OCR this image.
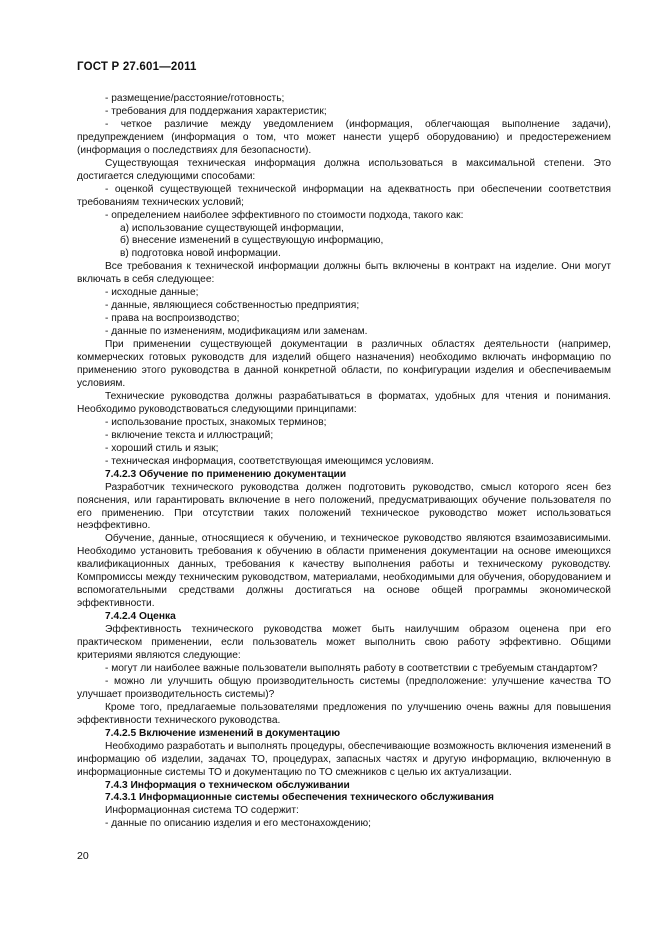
ГОСТ Р 27.601—2011

- размещение/расстояние/готовность;

- требования для поддержания характеристик;

- четкое различие между уведомлением (информация, облегчающая выполнение задачи), предупреждением (информация о том, что может нанести ущерб оборудованию) и предостережением (информация о последствиях для безопасности).

Существующая техническая информация должна использоваться в максимальной степени. Это достигается следующими способами:

- оценкой существующей технической информации на адекватность при обеспечении соответствия требованиям технических условий;

- определением наиболее эффективного по стоимости подхода, такого как:

а) использование существующей информации,

б) внесение изменений в существующую информацию,

в) подготовка новой информации.

Все требования к технической информации должны быть включены в контракт на изделие. Они могут включать в себя следующее:

- исходные данные;

- данные, являющиеся собственностью предприятия;

- права на воспроизводство;

- данные по изменениям, модификациям или заменам.

При применении существующей документации в различных областях деятельности (например, коммерческих готовых руководств для изделий общего назначения) необходимо включать информацию по применению этого руководства в данной конкретной области, по конфигурации изделия и обеспечиваемым условиям.

Технические руководства должны разрабатываться в форматах, удобных для чтения и понимания. Необходимо руководствоваться следующими принципами:

- использование простых, знакомых терминов;

- включение текста и иллюстраций;

- хороший стиль и язык;

- техническая информация, соответствующая имеющимся условиям.

7.4.2.3 Обучение по применению документации

Разработчик технического руководства должен подготовить руководство, смысл которого ясен без пояснения, или гарантировать включение в него положений, предусматривающих обучение пользователя по его применению. При отсутствии таких положений техническое руководство может использоваться неэффективно.

Обучение, данные, относящиеся к обучению, и техническое руководство являются взаимозависимыми. Необходимо установить требования к обучению в области применения документации на основе имеющихся квалификационных данных, требования к качеству выполнения работы и техническому руководству. Компромиссы между техническим руководством, материалами, необходимыми для обучения, оборудованием и вспомогательными средствами должны достигаться на основе общей программы экономической эффективности.

7.4.2.4 Оценка

Эффективность технического руководства может быть наилучшим образом оценена при его практическом применении, если пользователь может выполнить свою работу эффективно. Общими критериями являются следующие:

- могут ли наиболее важные пользователи выполнять работу в соответствии с требуемым стандартом?

- можно ли улучшить общую производительность системы (предположение: улучшение качества ТО улучшает производительность системы)?

Кроме того, предлагаемые пользователями предложения по улучшению очень важны для повышения эффективности технического руководства.

7.4.2.5 Включение изменений в документацию

Необходимо разработать и выполнять процедуры, обеспечивающие возможность включения изменений в информацию об изделии, задачах ТО, процедурах, запасных частях и другую информацию, включенную в информационные системы ТО и документацию по ТО смежников с целью их актуализации.

7.4.3 Информация о техническом обслуживании

7.4.3.1 Информационные системы обеспечения технического обслуживания

Информационная система ТО содержит:

- данные по описанию изделия и его местонахождению;

20
